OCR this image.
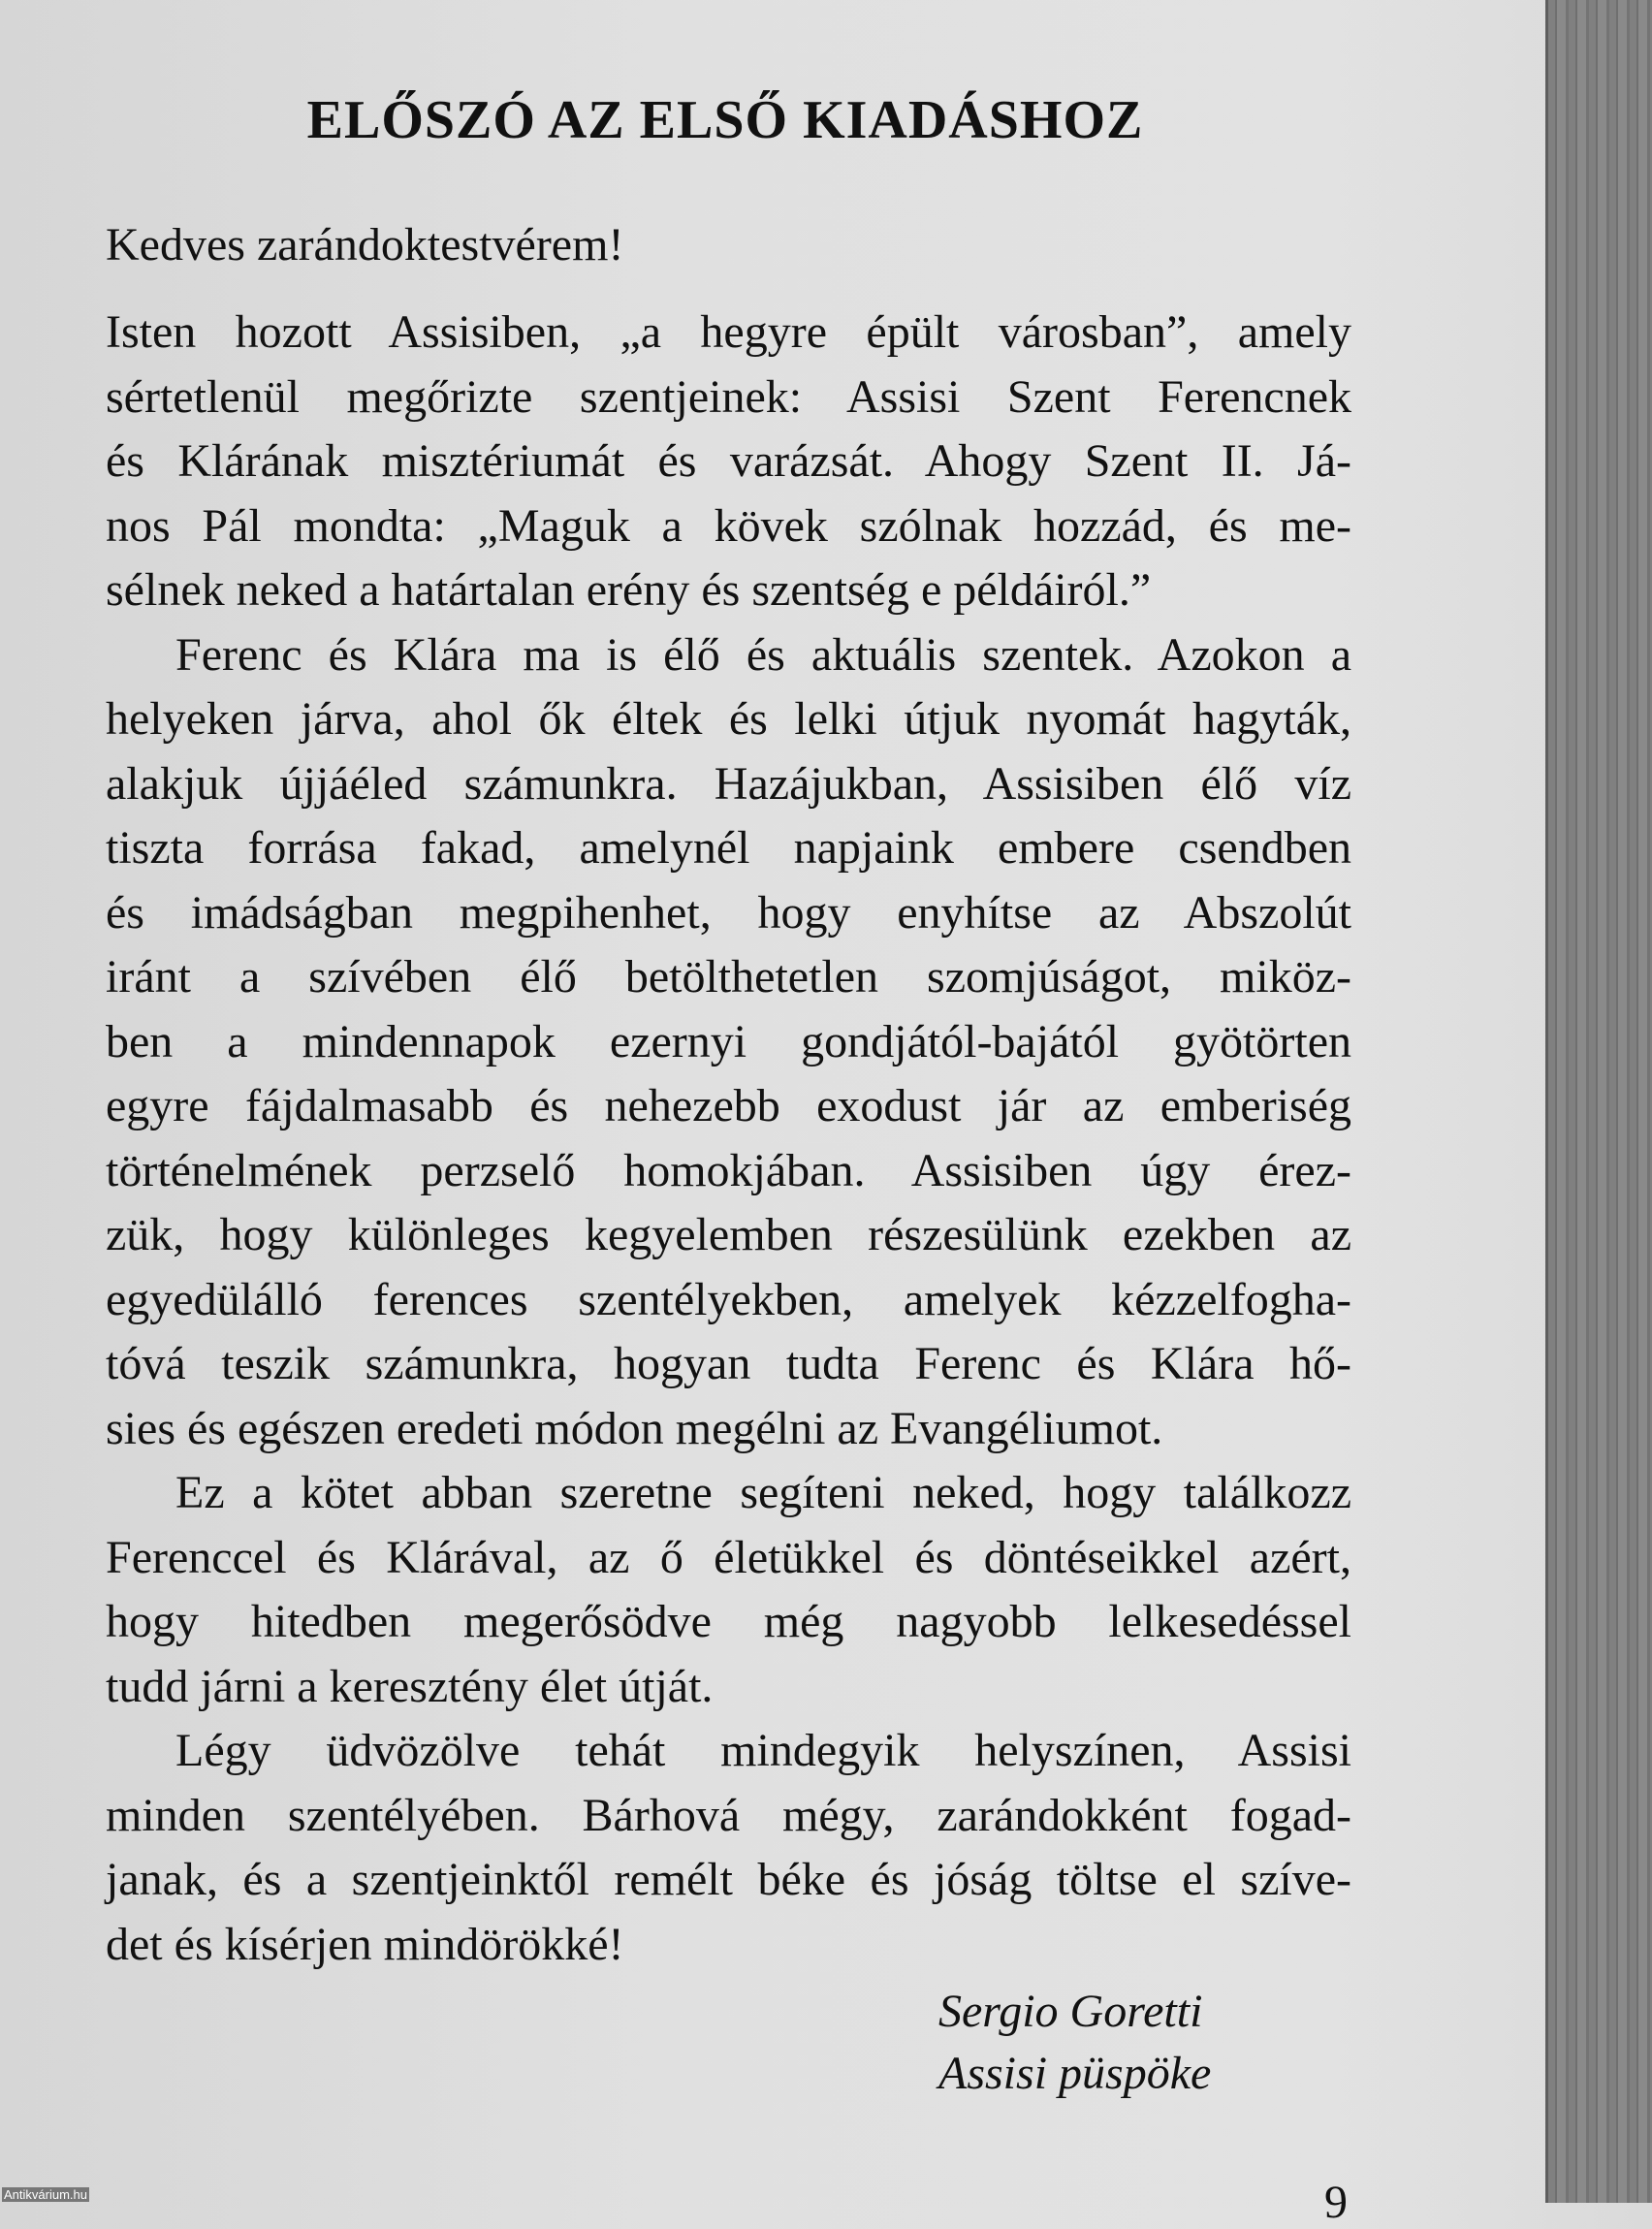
ELŐSZÓ AZ ELSŐ KIADÁSHOZ
Kedves zarándoktestvérem!
Isten hozott Assisiben, „a hegyre épült városban”, amely
sértetlenül megőrizte szentjeinek: Assisi Szent Ferencnek
és Klárának misztériumát és varázsát. Ahogy Szent II. Já-
nos Pál mondta: „Maguk a kövek szólnak hozzád, és me-
sélnek neked a határtalan erény és szentség e példáiról.”
Ferenc és Klára ma is élő és aktuális szentek. Azokon a
helyeken járva, ahol ők éltek és lelki útjuk nyomát hagyták,
alakjuk újjáéled számunkra. Hazájukban, Assisiben élő víz
tiszta forrása fakad, amelynél napjaink embere csendben
és imádságban megpihenhet, hogy enyhítse az Abszolút
iránt a szívében élő betölthetetlen szomjúságot, miköz-
ben a mindennapok ezernyi gondjától-bajától gyötörten
egyre fájdalmasabb és nehezebb exodust jár az emberiség
történelmének perzselő homokjában. Assisiben úgy érez-
zük, hogy különleges kegyelemben részesülünk ezekben az
egyedülálló ferences szentélyekben, amelyek kézzelfogha-
tóvá teszik számunkra, hogyan tudta Ferenc és Klára hő-
sies és egészen eredeti módon megélni az Evangéliumot.
Ez a kötet abban szeretne segíteni neked, hogy találkozz
Ferenccel és Klárával, az ő életükkel és döntéseikkel azért,
hogy hitedben megerősödve még nagyobb lelkesedéssel
tudd járni a keresztény élet útját.
Légy üdvözölve tehát mindegyik helyszínen, Assisi
minden szentélyében. Bárhová mégy, zarándokként fogad-
janak, és a szentjeinktől remélt béke és jóság töltse el szíve-
det és kísérjen mindörökké!
Sergio Goretti
Assisi püspöke
9
Antikvárium.hu
